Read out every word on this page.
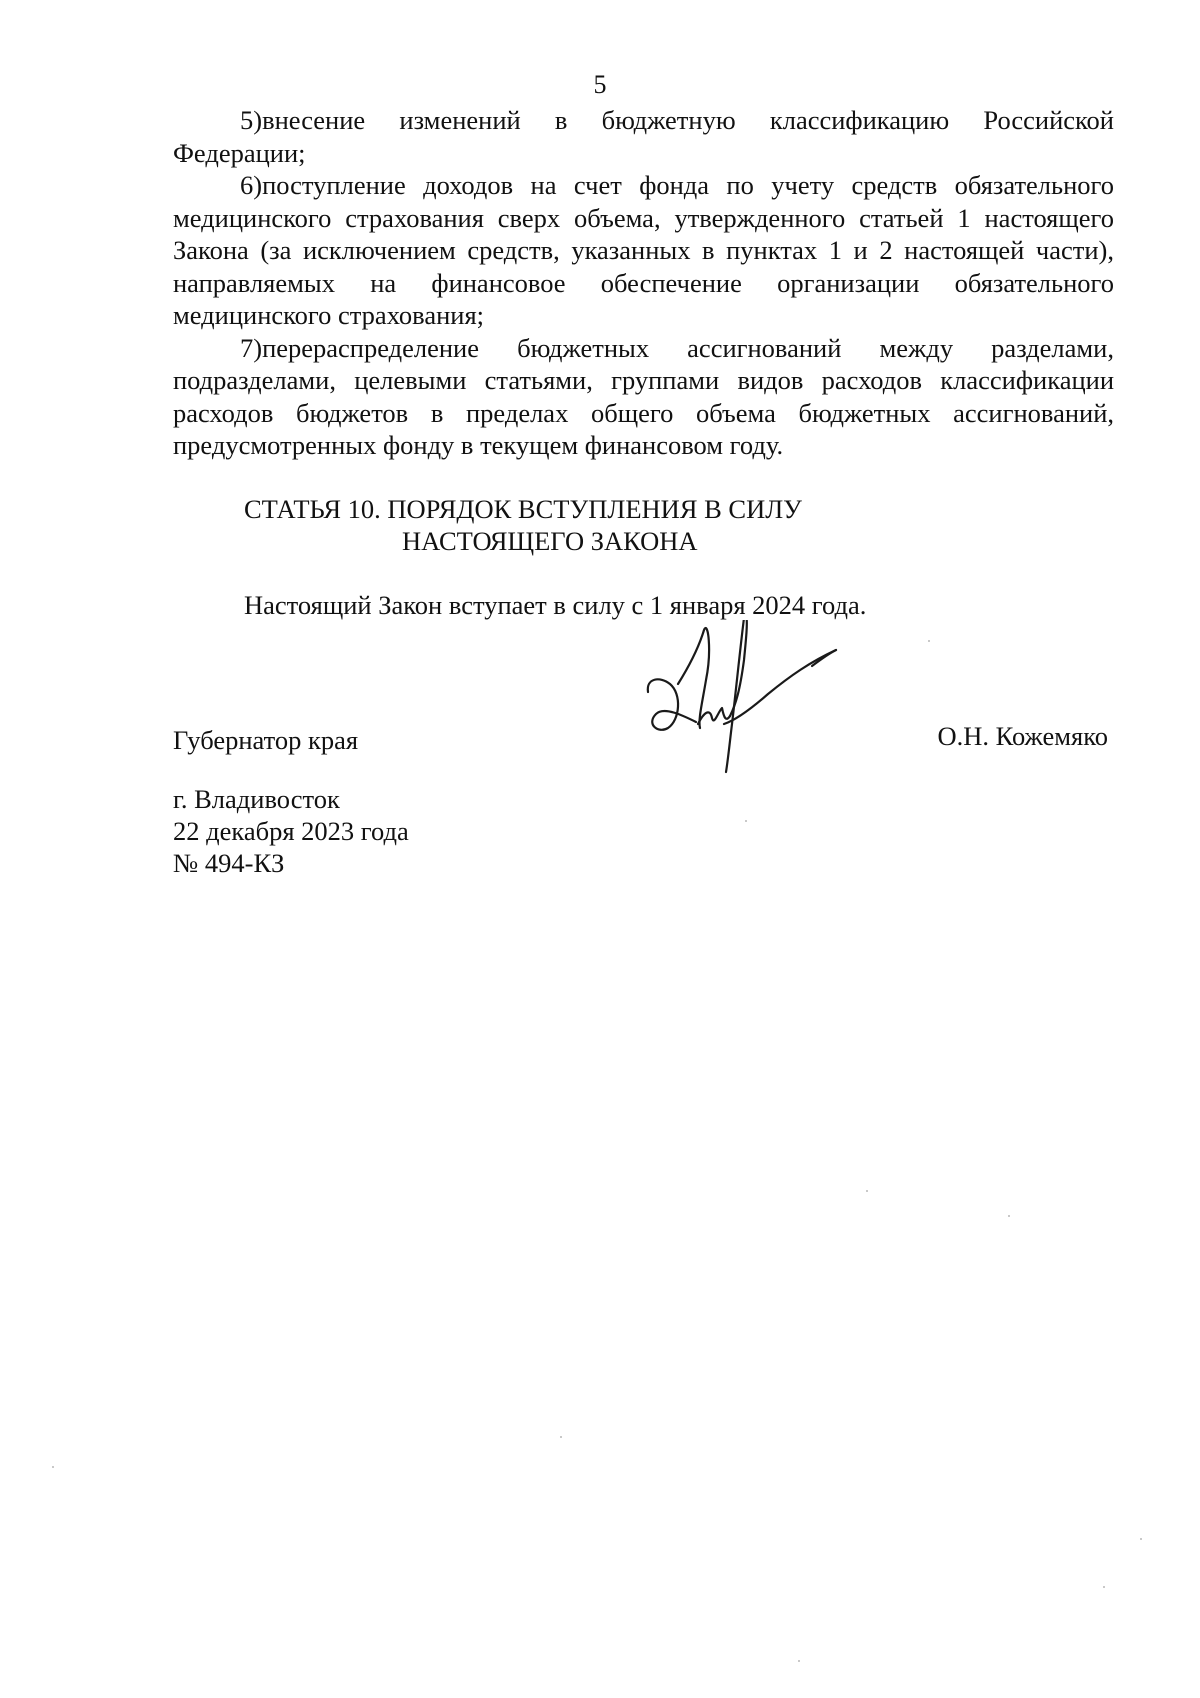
5

5)внесение изменений в бюджетную классификацию Российской Федерации;

6)поступление доходов на счет фонда по учету средств обязательного медицинского страхования сверх объема, утвержденного статьей 1 настоящего Закона (за исключением средств, указанных в пунктах 1 и 2 настоящей части), направляемых на финансовое обеспечение организации обязательного медицинского страхования;

7)перераспределение бюджетных ассигнований между разделами, подразделами, целевыми статьями, группами видов расходов классификации расходов бюджетов в пределах общего объема бюджетных ассигнований, предусмотренных фонду в текущем финансовом году.

СТАТЬЯ 10. ПОРЯДОК ВСТУПЛЕНИЯ В СИЛУ
НАСТОЯЩЕГО ЗАКОНА
Настоящий Закон вступает в силу с 1 января 2024 года.
Губернатор края	О.Н. Кожемяко
г. Владивосток
22 декабря 2023 года
№ 494-КЗ
